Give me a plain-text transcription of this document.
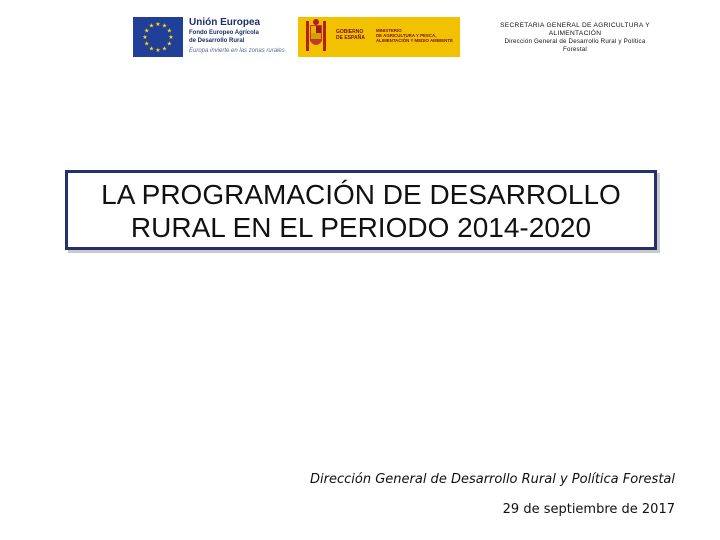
★ ★
★
★
★
★
★
★
★
★
★
★	Unión Europea
Fondo Europeo Agrícola
de Desarrollo Rural
Europa invierte en las zonas rurales
GOBIERNO
DE ESPAÑA
MINISTERIO
DE AGRICULTURA Y PESCA,
ALIMENTACIÓN Y MEDIO AMBIENTE
SECRETARIA GENERAL DE AGRICULTURA Y
ALIMENTACIÓN
Dirección General de Desarrollo Rural y Política
Forestal
LA PROGRAMACIÓN DE DESARROLLO
RURAL EN EL PERIODO 2014-2020
Dirección General de Desarrollo Rural y Política Forestal
29 de septiembre de 2017
